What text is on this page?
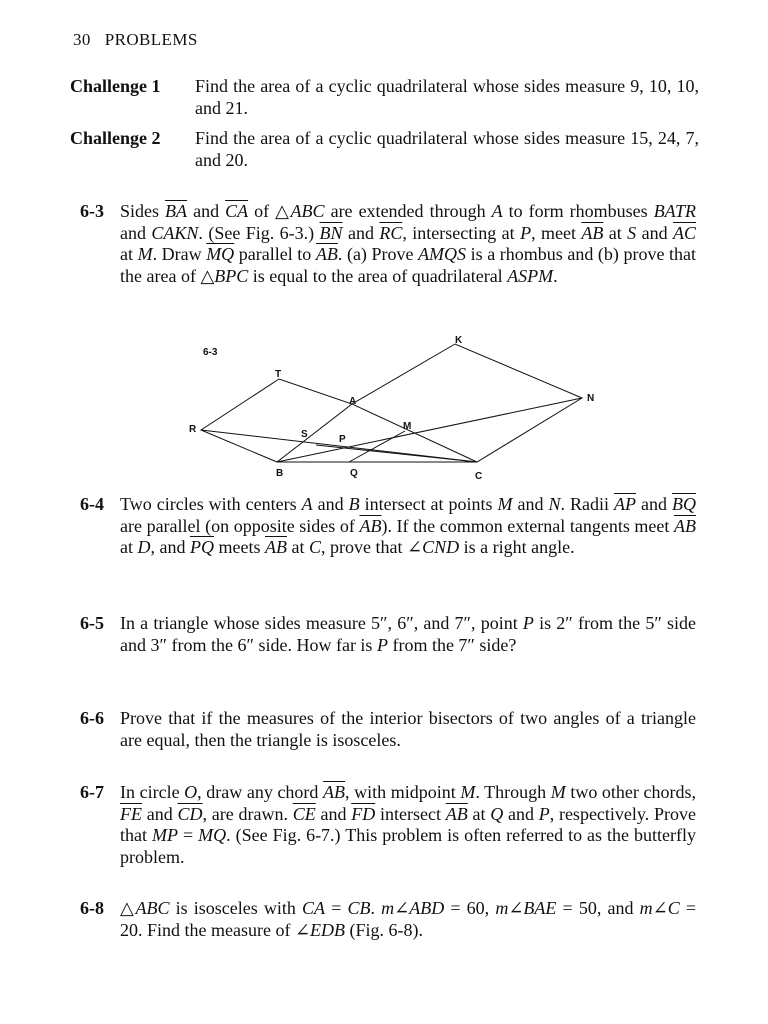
30 PROBLEMS
Challenge 1 Find the area of a cyclic quadrilateral whose sides measure 9, 10, 10, and 21.
Challenge 2 Find the area of a cyclic quadrilateral whose sides measure 15, 24, 7, and 20.
6-3 Sides $\overline{BA}$ and $\overline{CA}$ of △ABC are extended through A to form rhombuses BATR and CAKN. (See Fig. 6-3.) $\overline{BN}$ and $\overline{RC}$, intersecting at P, meet $\overline{AB}$ at S and $\overline{AC}$ at M. Draw $\overline{MQ}$ parallel to $\overline{AB}$. (a) Prove AMQS is a rhombus and (b) prove that the area of △BPC is equal to the area of quadrilateral ASPM.
6-3
T
K
A
R
N
S	P
M
B	Q	C
6-4 Two circles with centers A and B intersect at points M and N. Radii $\overline{AP}$ and $\overline{BQ}$ are parallel (on opposite sides of $\overline{AB}$). If the common external tangents meet $\overline{AB}$ at D, and $\overline{PQ}$ meets $\overline{AB}$ at C, prove that ∠CND is a right angle.
6-5 In a triangle whose sides measure 5″, 6″, and 7″, point P is 2″ from the 5″ side and 3″ from the 6″ side. How far is P from the 7″ side?
6-6 Prove that if the measures of the interior bisectors of two angles of a triangle are equal, then the triangle is isosceles.
6-7 In circle O, draw any chord $\overline{AB}$, with midpoint M. Through M two other chords, $\overline{FE}$ and $\overline{CD}$, are drawn. $\overline{CE}$ and $\overline{FD}$ intersect $\overline{AB}$ at Q and P, respectively. Prove that MP = MQ. (See Fig. 6-7.) This problem is often referred to as the butterfly problem.
6-8 △ABC is isosceles with CA = CB. m∠ABD = 60, m∠BAE = 50, and m∠C = 20. Find the measure of ∠EDB (Fig. 6-8).
